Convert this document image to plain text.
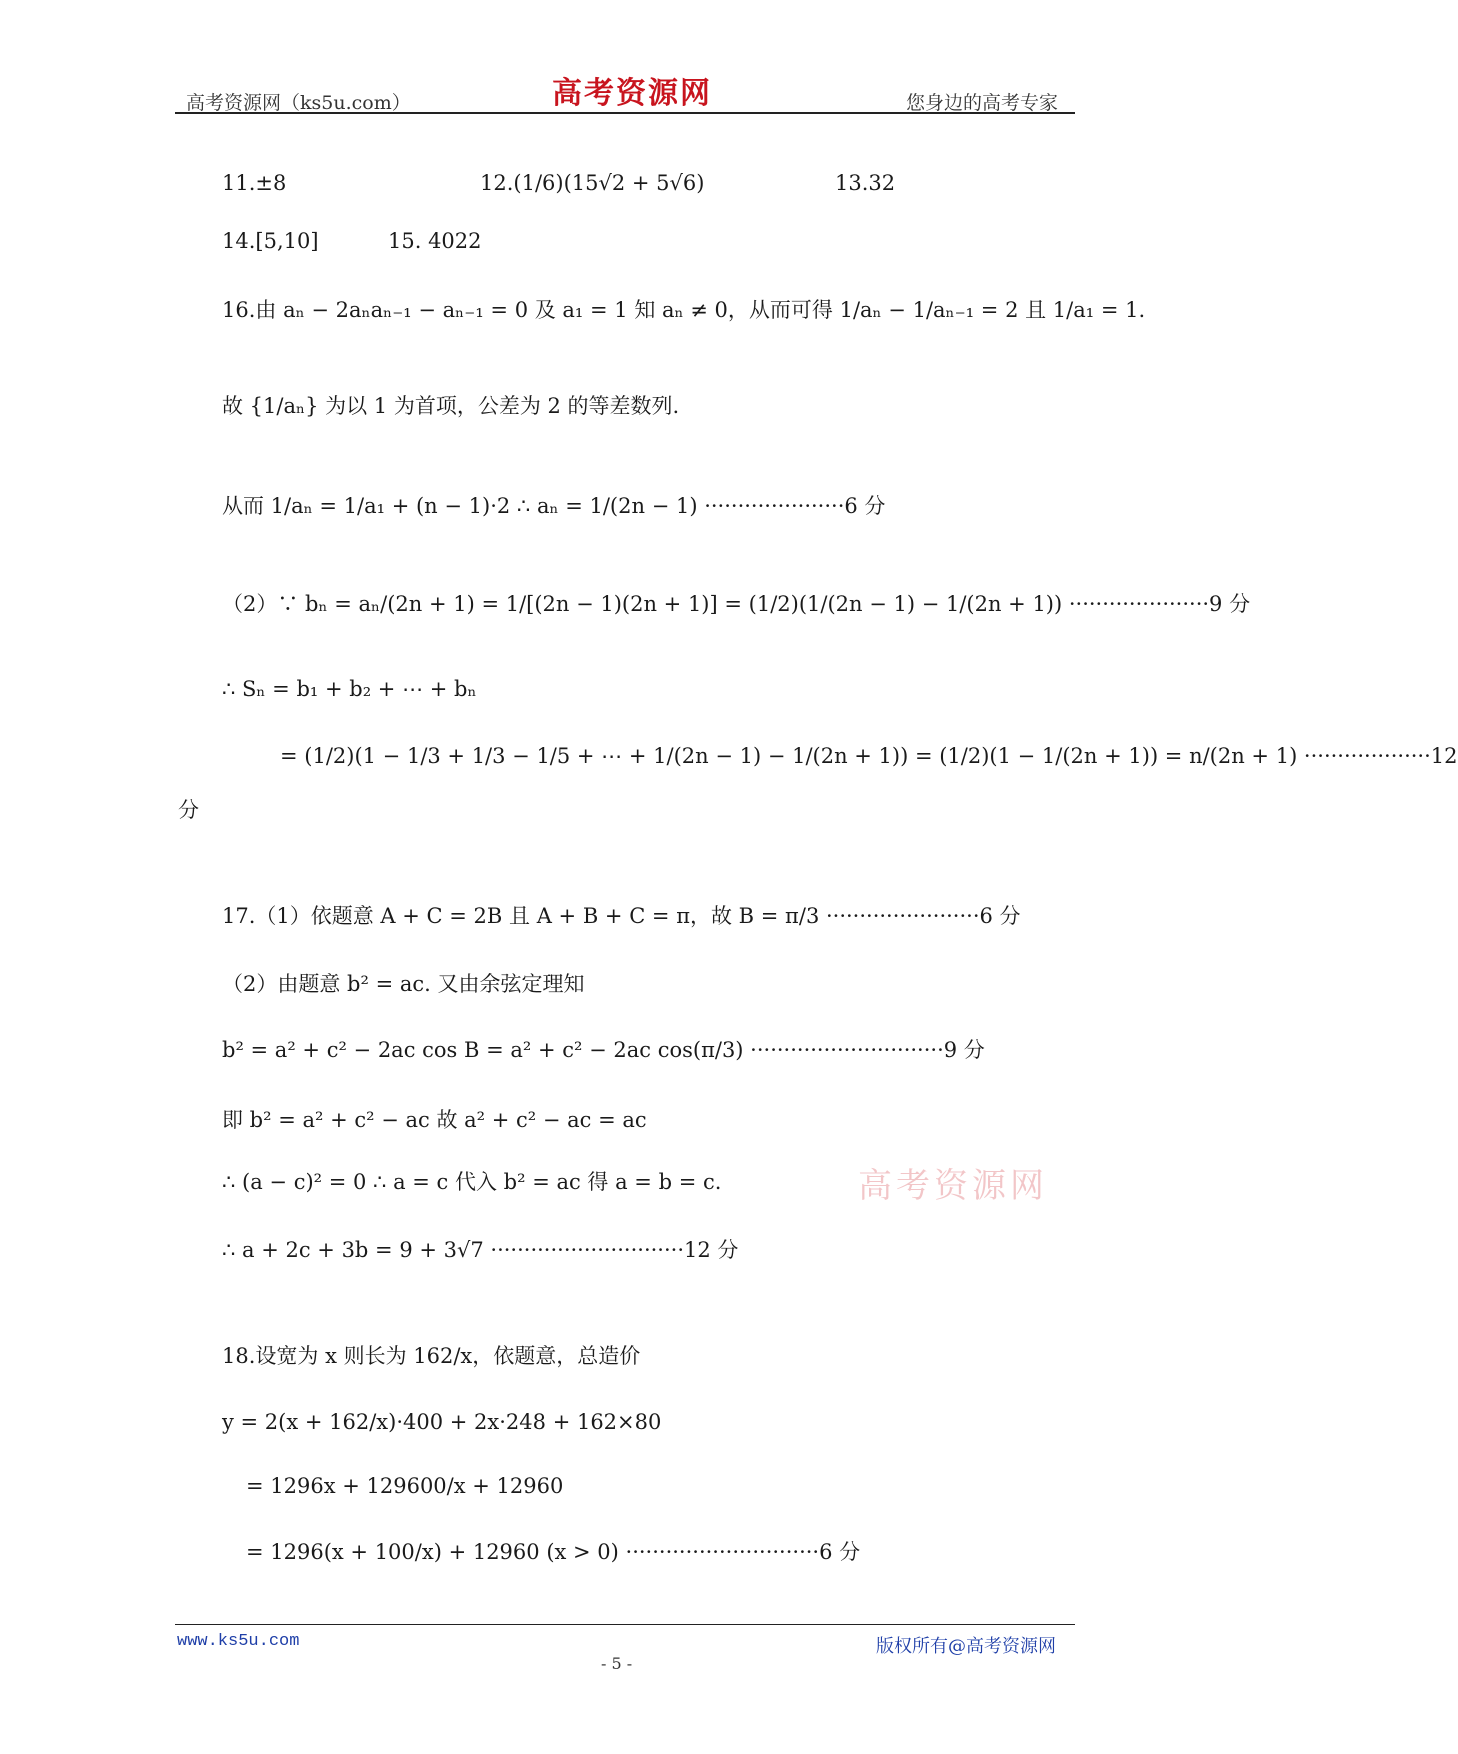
高考资源网（ks5u.com）	高考资源网	您身边的高考专家
11.±8	12.(1/6)(15√2 + 5√6)	13.32
14.[5,10]	15. 4022
16.由 aₙ − 2aₙaₙ₋₁ − aₙ₋₁ = 0 及 a₁ = 1 知 aₙ ≠ 0，从而可得 1/aₙ − 1/aₙ₋₁ = 2 且 1/a₁ = 1.
故 {1/aₙ} 为以 1 为首项，公差为 2 的等差数列.
从而 1/aₙ = 1/a₁ + (n − 1)·2 ∴ aₙ = 1/(2n − 1) ·····················6 分
（2）∵ bₙ = aₙ/(2n + 1) = 1/[(2n − 1)(2n + 1)] = (1/2)(1/(2n − 1) − 1/(2n + 1)) ·····················9 分
∴ Sₙ = b₁ + b₂ + ⋯ + bₙ
= (1/2)(1 − 1/3 + 1/3 − 1/5 + ⋯ + 1/(2n − 1) − 1/(2n + 1)) = (1/2)(1 − 1/(2n + 1)) = n/(2n + 1) ···················12
分
17.（1）依题意 A + C = 2B 且 A + B + C = π，故 B = π/3 ·······················6 分
（2）由题意 b² = ac. 又由余弦定理知
b² = a² + c² − 2ac cos B = a² + c² − 2ac cos(π/3) ·····························9 分
即 b² = a² + c² − ac 故 a² + c² − ac = ac
∴ (a − c)² = 0 ∴ a = c 代入 b² = ac 得 a = b = c.
∴ a + 2c + 3b = 9 + 3√7 ·····························12 分
高考资源网
18.设宽为 x 则长为 162/x，依题意，总造价
y = 2(x + 162/x)·400 + 2x·248 + 162×80
= 1296x + 129600/x + 12960
= 1296(x + 100/x) + 12960 (x > 0) ·····························6 分
www.ks5u.com
- 5 -
版权所有@高考资源网
